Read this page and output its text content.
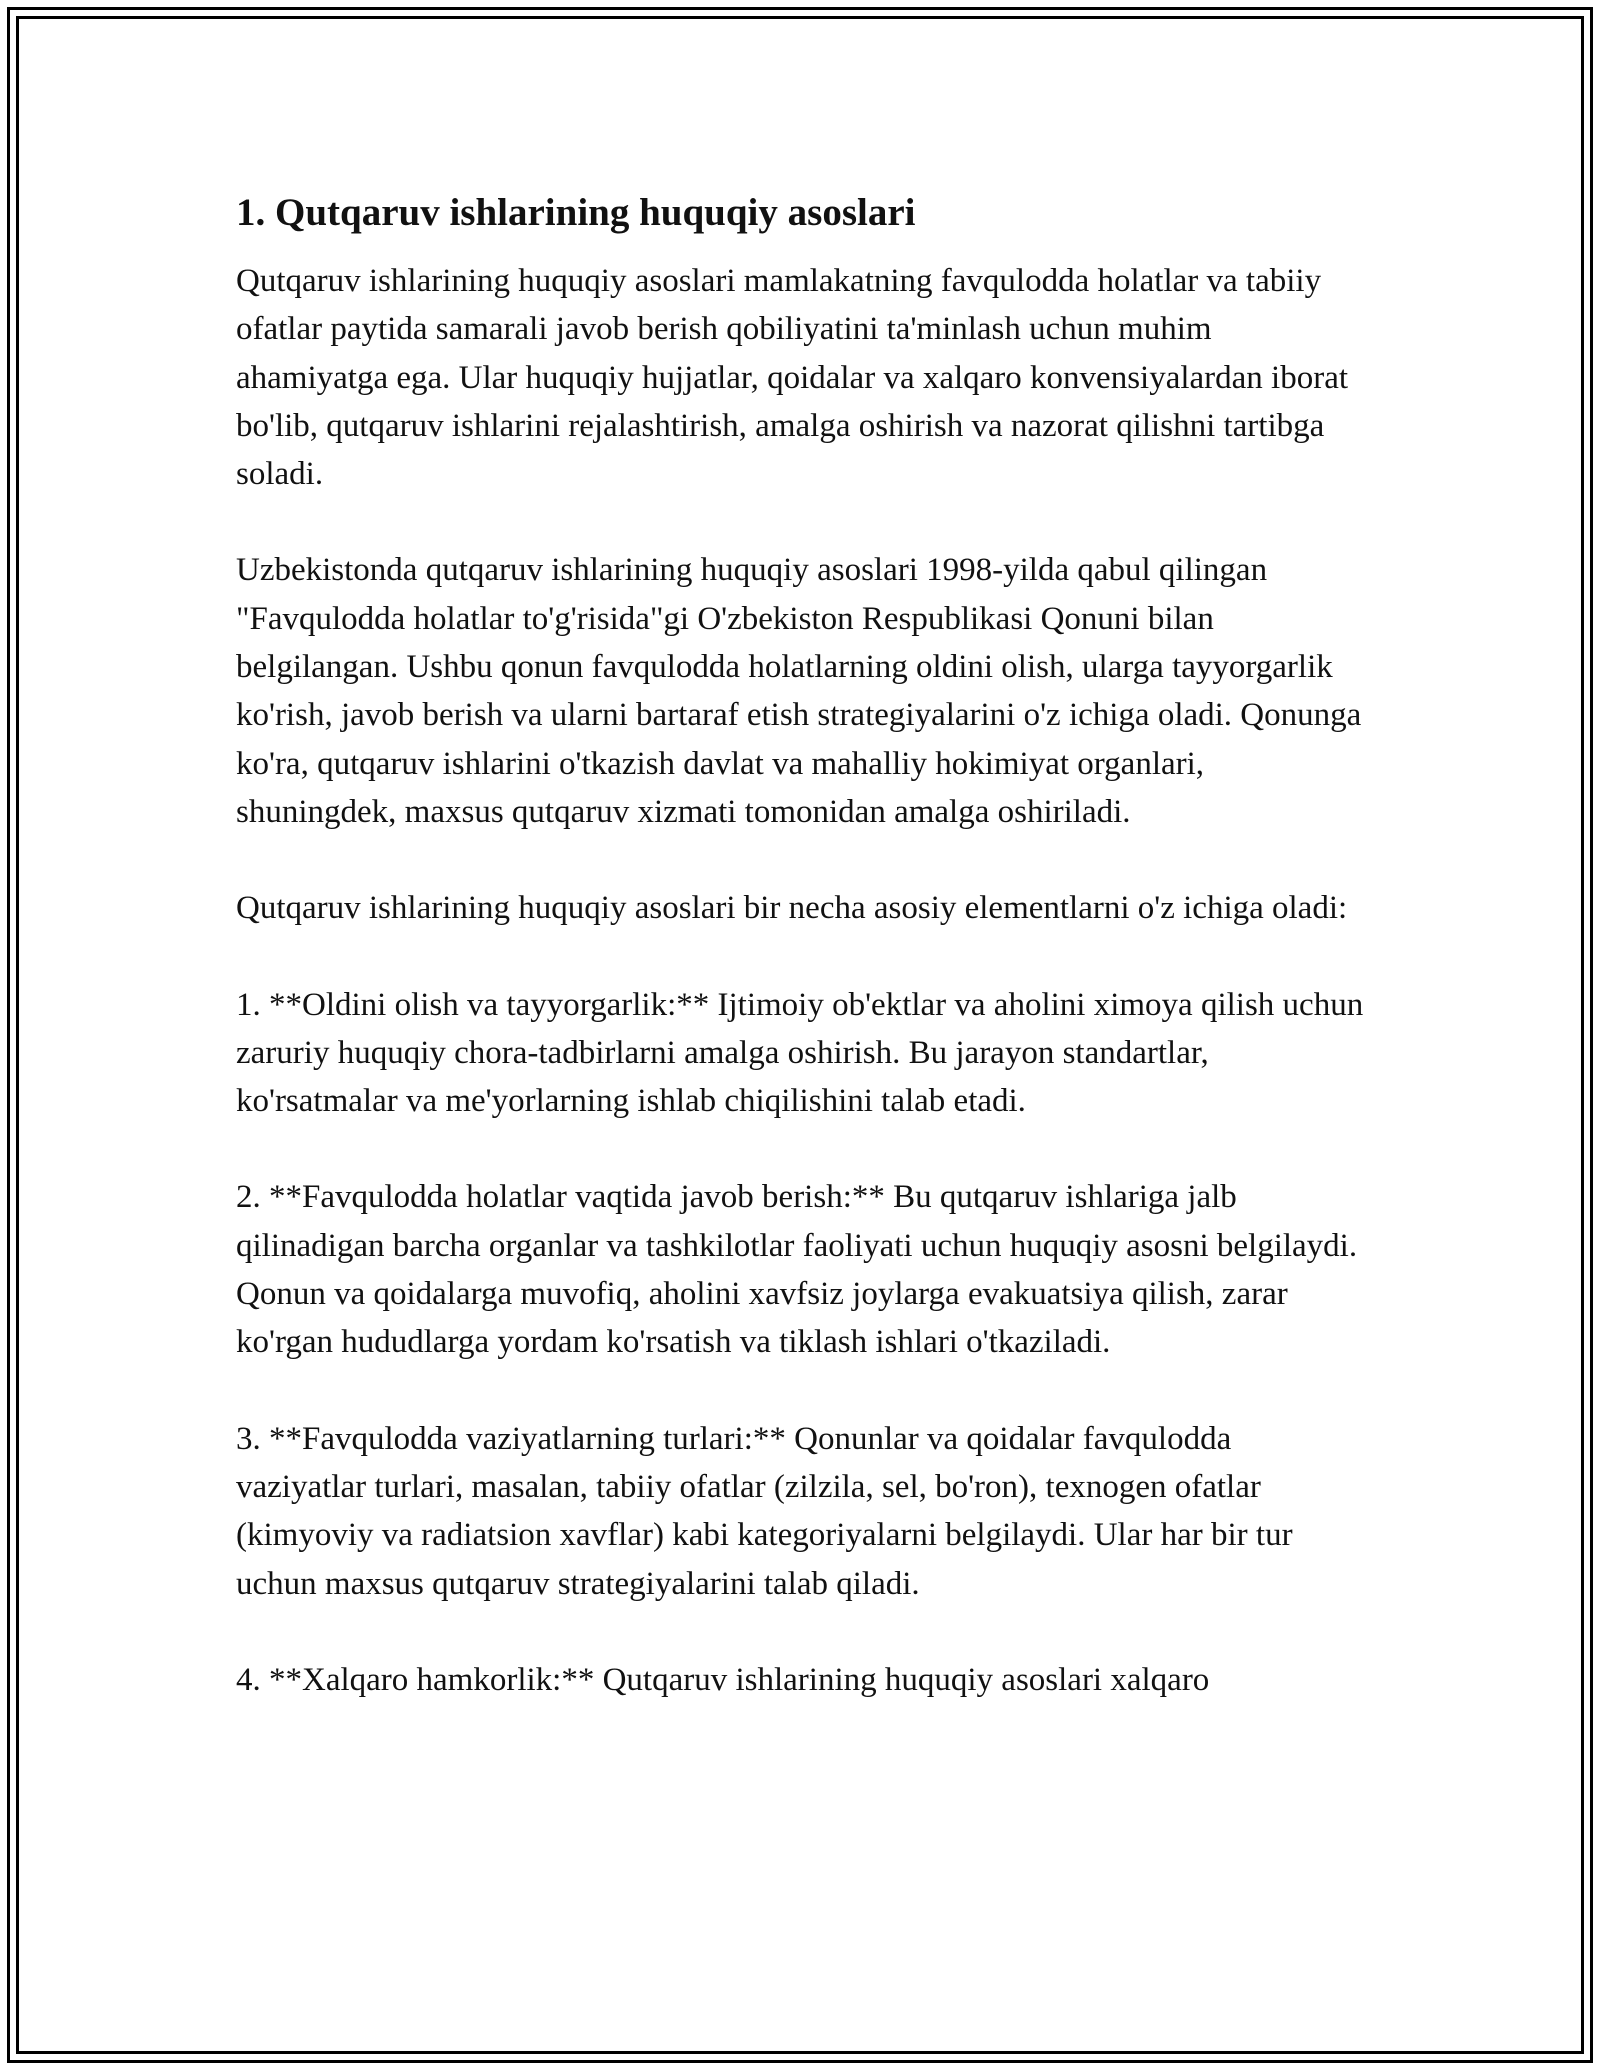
1. Qutqaruv ishlarining huquqiy asoslari

Qutqaruv ishlarining huquqiy asoslari mamlakatning favqulodda holatlar va tabiiy ofatlar paytida samarali javob berish qobiliyatini ta'minlash uchun muhim ahamiyatga ega. Ular huquqiy hujjatlar, qoidalar va xalqaro konvensiyalardan iborat bo'lib, qutqaruv ishlarini rejalashtirish, amalga oshirish va nazorat qilishni tartibga soladi.

Uzbekistonda qutqaruv ishlarining huquqiy asoslari 1998-yilda qabul qilingan "Favqulodda holatlar to'g'risida"gi O'zbekiston Respublikasi Qonuni bilan belgilangan. Ushbu qonun favqulodda holatlarning oldini olish, ularga tayyorgarlik ko'rish, javob berish va ularni bartaraf etish strategiyalarini o'z ichiga oladi. Qonunga ko'ra, qutqaruv ishlarini o'tkazish davlat va mahalliy hokimiyat organlari, shuningdek, maxsus qutqaruv xizmati tomonidan amalga oshiriladi.

Qutqaruv ishlarining huquqiy asoslari bir necha asosiy elementlarni o'z ichiga oladi:

1. **Oldini olish va tayyorgarlik:** Ijtimoiy ob'ektlar va aholini ximoya qilish uchun zaruriy huquqiy chora-tadbirlarni amalga oshirish. Bu jarayon standartlar, ko'rsatmalar va me'yorlarning ishlab chiqilishini talab etadi.

2. **Favqulodda holatlar vaqtida javob berish:** Bu qutqaruv ishlariga jalb qilinadigan barcha organlar va tashkilotlar faoliyati uchun huquqiy asosni belgilaydi. Qonun va qoidalarga muvofiq, aholini xavfsiz joylarga evakuatsiya qilish, zarar ko'rgan hududlarga yordam ko'rsatish va tiklash ishlari o'tkaziladi.

3. **Favqulodda vaziyatlarning turlari:** Qonunlar va qoidalar favqulodda vaziyatlar turlari, masalan, tabiiy ofatlar (zilzila, sel, bo'ron), texnogen ofatlar (kimyoviy va radiatsion xavflar) kabi kategoriyalarni belgilaydi. Ular har bir tur uchun maxsus qutqaruv strategiyalarini talab qiladi.

4. **Xalqaro hamkorlik:** Qutqaruv ishlarining huquqiy asoslari xalqaro
